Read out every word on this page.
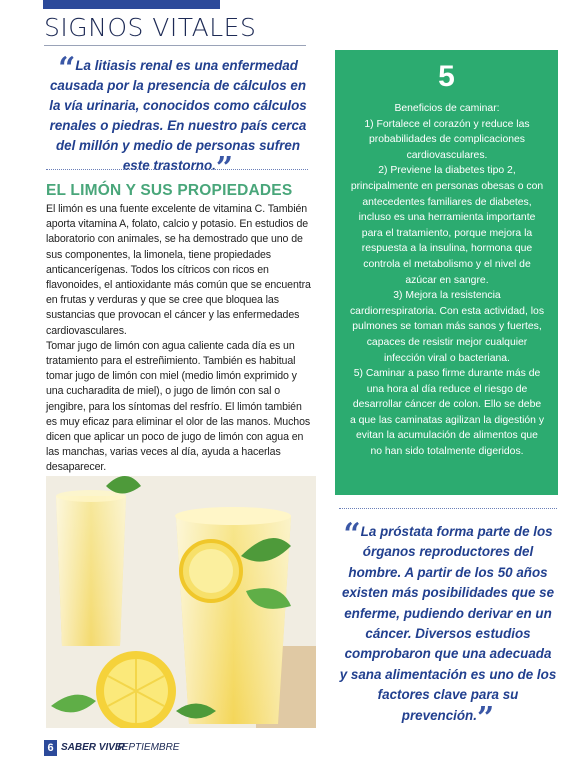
SIGNOS VITALES
“La litiasis renal es una enfermedad causada por la presencia de cálculos en la vía urinaria, conocidos como cálculos renales o piedras. En nuestro país cerca del millón y medio de personas sufren este trastorno.”
EL LIMÓN Y SUS PROPIEDADES

El limón es una fuente excelente de vitamina C. También aporta vitamina A, folato, calcio y potasio. En estudios de laboratorio con animales, se ha demostrado que uno de sus componentes, la limonela, tiene propiedades anticancerígenas. Todos los cítricos con ricos en flavonoides, el antioxidante más común que se encuentra en frutas y verduras y que se cree que bloquea las sustancias que provocan el cáncer y las enfermedades cardiovasculares.

Tomar jugo de limón con agua caliente cada día es un tratamiento para el estreñimiento. También es habitual tomar jugo de limón con miel (medio limón exprimido y una cucharadita de miel), o jugo de limón con sal o jengibre, para los síntomas del resfrío. El limón también es muy eficaz para eliminar el olor de las manos. Muchos dicen que aplicar un poco de jugo de limón con agua en las manchas, varias veces al día, ayuda a hacerlas desaparecer.

5

Beneficios de caminar:

1) Fortalece el corazón y reduce las probabilidades de complicaciones cardiovasculares.

2) Previene la diabetes tipo 2, principalmente en personas obesas o con antecedentes familiares de diabetes, incluso es una herramienta importante para el tratamiento, porque mejora la respuesta a la insulina, hormona que controla el metabolismo y el nivel de azúcar en sangre.

3) Mejora la resistencia cardiorrespiratoria. Con esta actividad, los pulmones se toman más sanos y fuertes, capaces de resistir mejor cualquier infección viral o bacteriana.

5) Caminar a paso firme durante más de una hora al día reduce el riesgo de desarrollar cáncer de colon. Ello se debe a que las caminatas agilizan la digestión y evitan la acumulación de alimentos que no han sido totalmente digeridos.

“La próstata forma parte de los órganos reproductores del hombre. A partir de los 50 años existen más posibilidades que se enferme, pudiendo derivar en un cáncer. Diversos estudios comprobaron que una adecuada y sana alimentación es uno de los factores clave para su prevención.”
6 SABER VIVIR
SEPTIEMBRE
